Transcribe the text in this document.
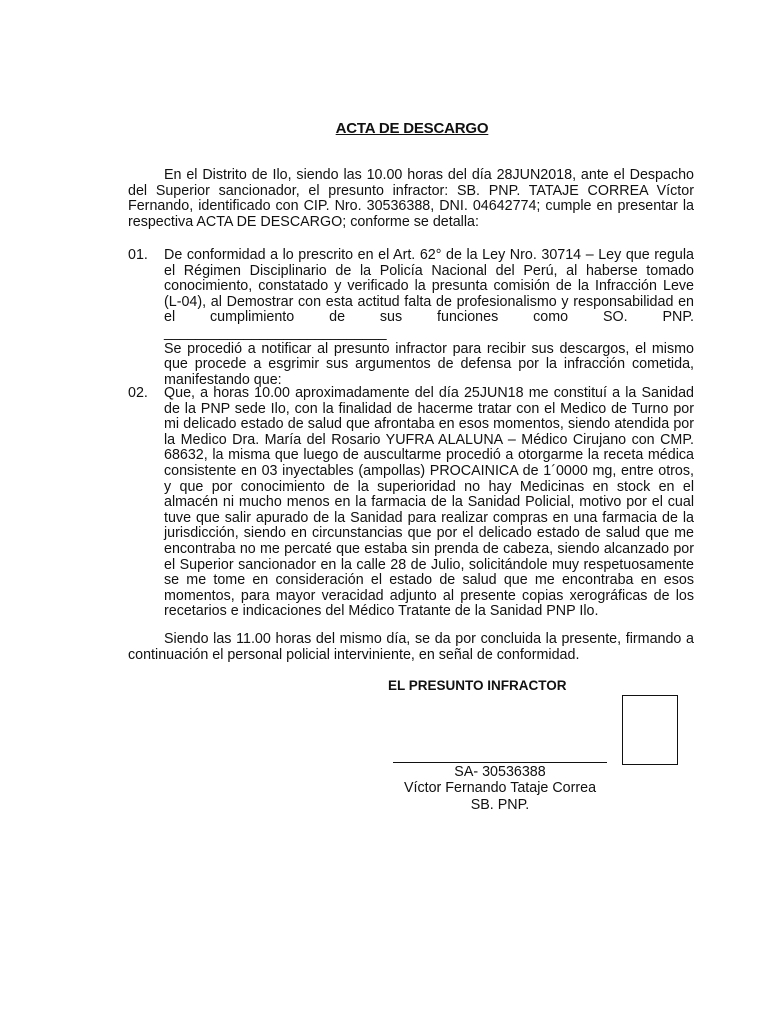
ACTA DE DESCARGO

En el Distrito de Ilo, siendo las 10.00 horas del día 28JUN2018, ante el Despacho del Superior sancionador, el presunto infractor: SB. PNP. TATAJE CORREA Víctor Fernando, identificado con CIP. Nro. 30536388, DNI. 04642774; cumple en presentar la respectiva ACTA DE DESCARGO; conforme se detalla:

01. De conformidad a lo prescrito en el Art. 62° de la Ley Nro. 30714 – Ley que regula el Régimen Disciplinario de la Policía Nacional del Perú, al haberse tomado conocimiento, constatado y verificado la presunta comisión de la Infracción Leve (L-04), al Demostrar con esta actitud falta de profesionalismo y responsabilidad en el cumplimiento de sus funciones como SO. PNP. ____________________________

Se procedió a notificar al presunto infractor para recibir sus descargos, el mismo que procede a esgrimir sus argumentos de defensa por la infracción cometida, manifestando que:

02. Que, a horas 10.00 aproximadamente del día 25JUN18 me constituí a la Sanidad de la PNP sede Ilo, con la finalidad de hacerme tratar con el Medico de Turno por mi delicado estado de salud que afrontaba en esos momentos, siendo atendida por la Medico Dra. María del Rosario YUFRA ALALUNA – Médico Cirujano con CMP. 68632, la misma que luego de auscultarme procedió a otorgarme la receta médica consistente en 03 inyectables (ampollas) PROCAINICA de 1´0000 mg, entre otros, y que por conocimiento de la superioridad no hay Medicinas en stock en el almacén ni mucho menos en la farmacia de la Sanidad Policial, motivo por el cual tuve que salir apurado de la Sanidad para realizar compras en una farmacia de la jurisdicción, siendo en circunstancias que por el delicado estado de salud que me encontraba no me percaté que estaba sin prenda de cabeza, siendo alcanzado por el Superior sancionador en la calle 28 de Julio, solicitándole muy respetuosamente se me tome en consideración el estado de salud que me encontraba en esos momentos, para mayor veracidad adjunto al presente copias xerográficas de los recetarios e indicaciones del Médico Tratante de la Sanidad PNP Ilo.

Siendo las 11.00 horas del mismo día, se da por concluida la presente, firmando a continuación el personal policial interviniente, en señal de conformidad.

EL PRESUNTO INFRACTOR

SA- 30536388

Víctor Fernando Tataje Correa

SB. PNP.
